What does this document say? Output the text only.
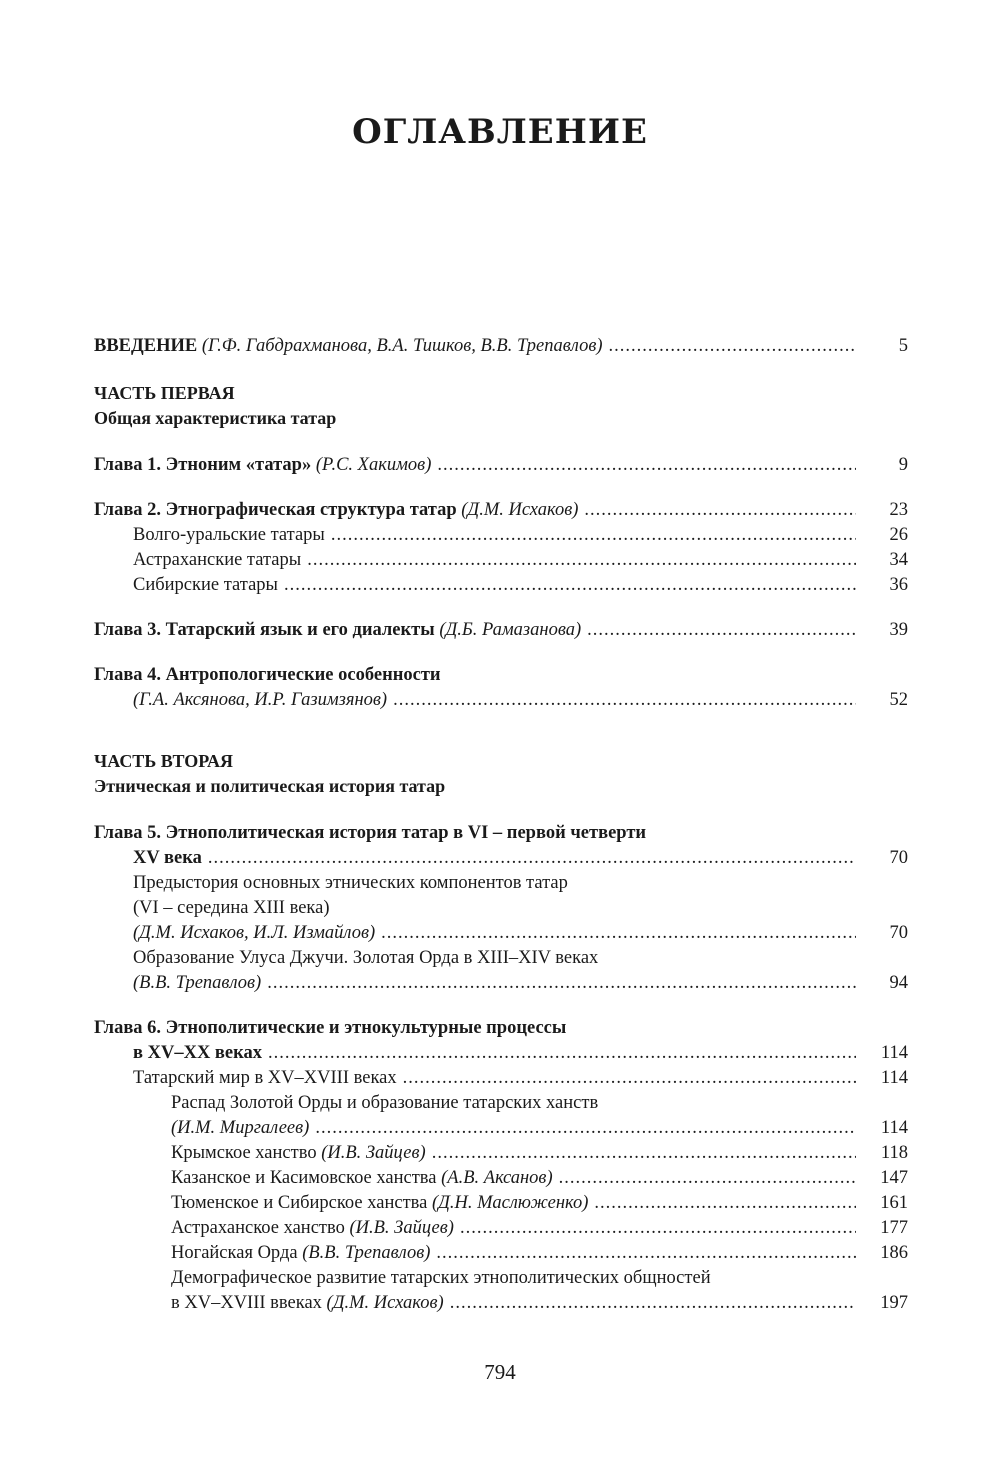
ОГЛАВЛЕНИЕ
ВВЕДЕНИЕ (Г.Ф. Габдрахманова, В.А. Тишков, В.В. Трепавлов) .....	5
ЧАСТЬ ПЕРВАЯ
Общая характеристика татар
Глава 1. Этноним «татар» (Р.С. Хакимов) .....	9
Глава 2. Этнографическая структура татар (Д.М. Исхаков) .....	23
Волго-уральские татары .....	26
Астраханские татары .....	34
Сибирские татары .....	36
Глава 3. Татарский язык и его диалекты (Д.Б. Рамазанова) .....	39
Глава 4. Антропологические особенности
(Г.А. Аксянова, И.Р. Газимзянов) .....	52
ЧАСТЬ ВТОРАЯ
Этническая и политическая история татар
Глава 5. Этнополитическая история татар в VI – первой четверти
XV века .....	70
Предыстория основных этнических компонентов татар
(VI – середина XIII века)
(Д.М. Исхаков, И.Л. Измайлов) .....	70
Образование Улуса Джучи. Золотая Орда в XIII–XIV веках
(В.В. Трепавлов) .....	94
Глава 6. Этнополитические и этнокультурные процессы
в XV–XX веках .....	114
Татарский мир в XV–XVIII веках .....	114
Распад Золотой Орды и образование татарских ханств
(И.М. Миргалеев) .....	114
Крымское ханство (И.В. Зайцев) .....	118
Казанское и Касимовское ханства (А.В. Аксанов) .....	147
Тюменское и Сибирское ханства (Д.Н. Маслюженко) .....	161
Астраханское ханство (И.В. Зайцев) .....	177
Ногайская Орда (В.В. Трепавлов) .....	186
Демографическое развитие татарских этнополитических общностей
в XV–XVIII ввеках (Д.М. Исхаков) .....	197
794
